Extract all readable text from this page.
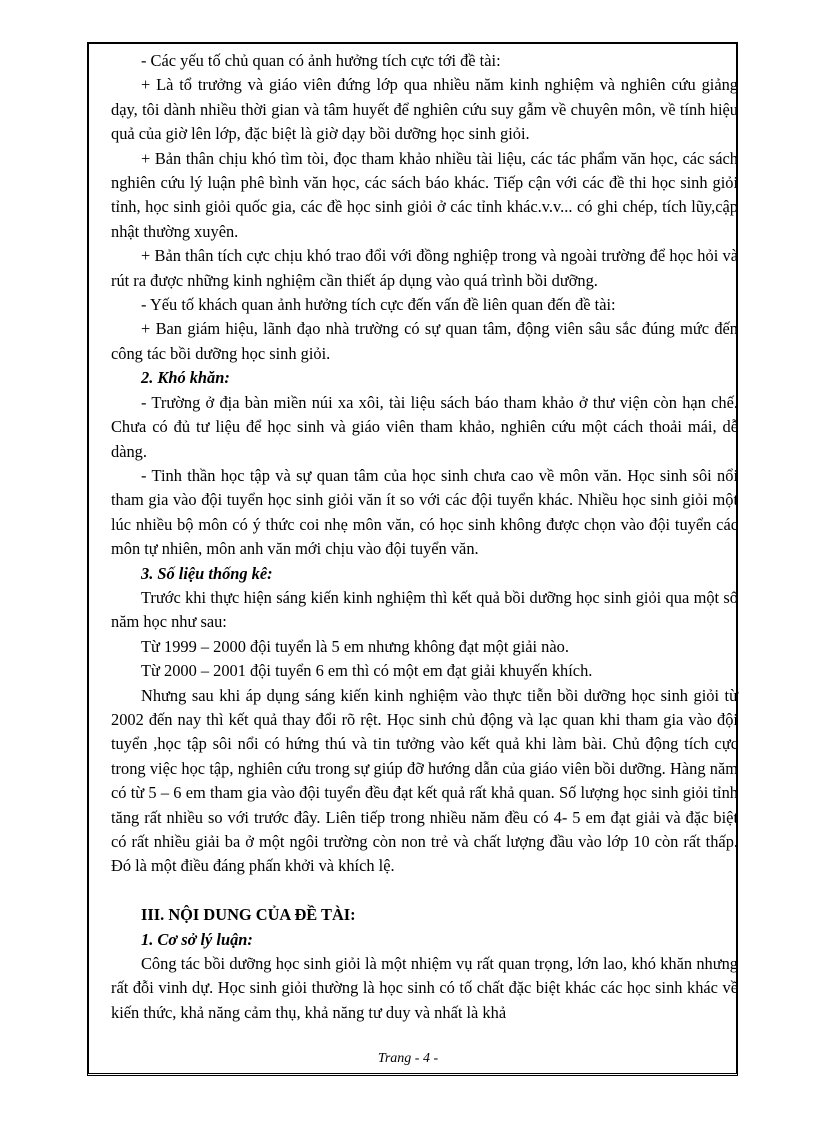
- Các yếu tố chủ quan có ảnh hưởng tích cực tới đề tài:

+ Là tổ trưởng và giáo viên đứng lớp qua nhiều năm kinh nghiệm và nghiên cứu giảng dạy, tôi dành nhiều thời gian và tâm huyết để nghiên cứu suy gẫm về chuyên môn, về tính hiệu quả của giờ lên lớp, đặc biệt là giờ dạy bồi dưỡng học sinh giỏi.

+ Bản thân chịu khó tìm tòi, đọc tham khảo nhiều tài liệu, các tác phẩm văn học, các sách nghiên cứu lý luận phê bình văn học, các sách báo khác. Tiếp cận với các đề thi học sinh giỏi tỉnh, học sinh giỏi quốc gia, các đề học sinh giỏi ở các tỉnh khác.v.v... có ghi chép, tích lũy,cập nhật thường xuyên.

+ Bản thân tích cực chịu khó trao đổi với đồng nghiệp trong và ngoài trường để học hỏi và rút ra được những kinh nghiệm cần thiết áp dụng vào quá trình bồi dưỡng.

- Yếu tố khách quan ảnh hưởng tích cực đến vấn đề liên quan đến đề tài:

+ Ban giám hiệu, lãnh đạo nhà trường có sự quan tâm, động viên sâu sắc đúng mức đến công tác bồi dưỡng học sinh giỏi.

2. Khó khăn:

- Trường ở địa bàn miền núi xa xôi, tài liệu sách báo tham khảo ở thư viện còn hạn chế. Chưa có đủ tư liệu để học sinh và giáo viên tham khảo, nghiên cứu một cách thoải mái, dễ dàng.

- Tinh thần học tập và sự quan tâm của học sinh chưa cao về môn văn. Học sinh sôi nổi tham gia vào đội tuyển học sinh giỏi văn ít so với các đội tuyển khác. Nhiều học sinh giỏi một lúc nhiều bộ môn có ý thức coi nhẹ môn văn, có học sinh không được chọn vào đội tuyển các môn tự nhiên, môn anh văn mới chịu vào đội tuyển văn.

3. Số liệu thống kê:

Trước khi thực hiện sáng kiến kinh nghiệm thì kết quả bồi dưỡng học sinh giỏi qua một số năm học như sau:

Từ 1999 – 2000 đội tuyển là 5 em nhưng không đạt một giải nào.

Từ 2000 – 2001 đội tuyển 6 em thì có một em đạt giải khuyến khích.

Nhưng sau khi áp dụng sáng kiến kinh nghiệm vào thực tiễn bồi dưỡng học sinh giỏi từ 2002 đến nay thì kết quả thay đổi rõ rệt. Học sinh chủ động và lạc quan khi tham gia vào đội tuyển ,học tập sôi nổi có hứng thú và tin tưởng vào kết quả khi làm bài. Chủ động tích cực trong việc học tập, nghiên cứu trong sự giúp đỡ hướng dẫn của giáo viên bồi dưỡng. Hàng năm có từ 5 – 6 em tham gia vào đội tuyển đều đạt kết quả rất khả quan. Số lượng học sinh giỏi tỉnh tăng rất nhiều so với trước đây. Liên tiếp trong nhiều năm đều có 4- 5 em đạt giải và đặc biệt có rất nhiều giải ba ở một ngôi trường còn non trẻ và chất lượng đầu vào lớp 10 còn rất thấp. Đó là một điều đáng phấn khởi và khích lệ.

III. NỘI DUNG CỦA ĐỀ TÀI:

1. Cơ sở lý luận:

Công tác bồi dưỡng học sinh giỏi là một nhiệm vụ rất quan trọng, lớn lao, khó khăn nhưng rất đỗi vinh dự. Học sinh giỏi thường là học sinh có tố chất đặc biệt khác các học sinh khác về kiến thức, khả năng cảm thụ, khả năng tư duy và nhất là khả

Trang - 4 -
